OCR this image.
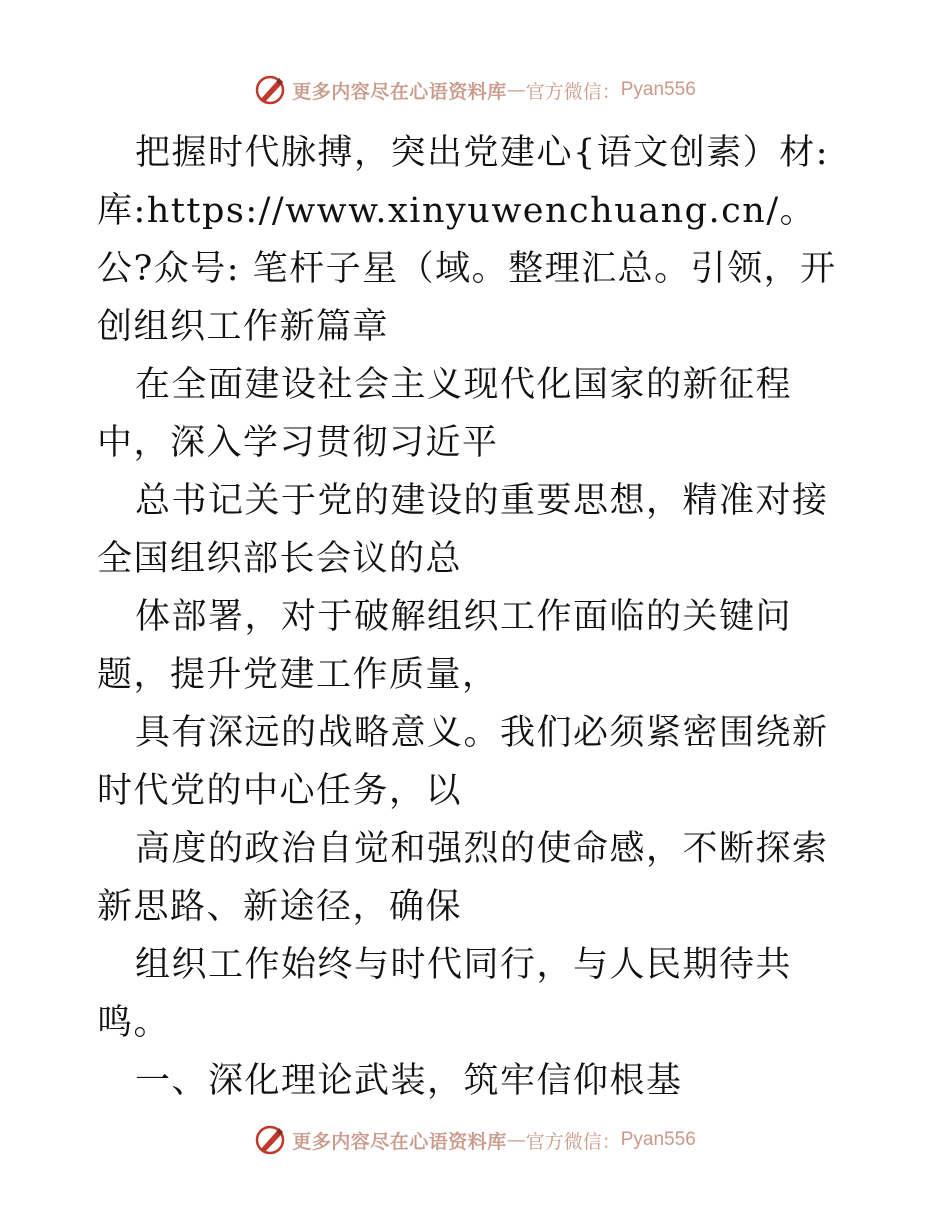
更多内容尽在心语资料库 — 官方微信： Pyan556

把握时代脉搏，突出党建心{语文创素）材:库:https://www.xinyuwenchuang.cn/。公?众号: 笔杆子星（域。整理汇总。引领，开创组织工作新篇章

在全面建设社会主义现代化国家的新征程中，深入学习贯彻习近平

总书记关于党的建设的重要思想，精准对接全国组织部长会议的总

体部署，对于破解组织工作面临的关键问题，提升党建工作质量，

具有深远的战略意义。我们必须紧密围绕新时代党的中心任务，以

高度的政治自觉和强烈的使命感，不断探索新思路、新途径，确保

组织工作始终与时代同行，与人民期待共鸣。

一、深化理论武装，筑牢信仰根基

更多内容尽在心语资料库 — 官方微信： Pyan556
